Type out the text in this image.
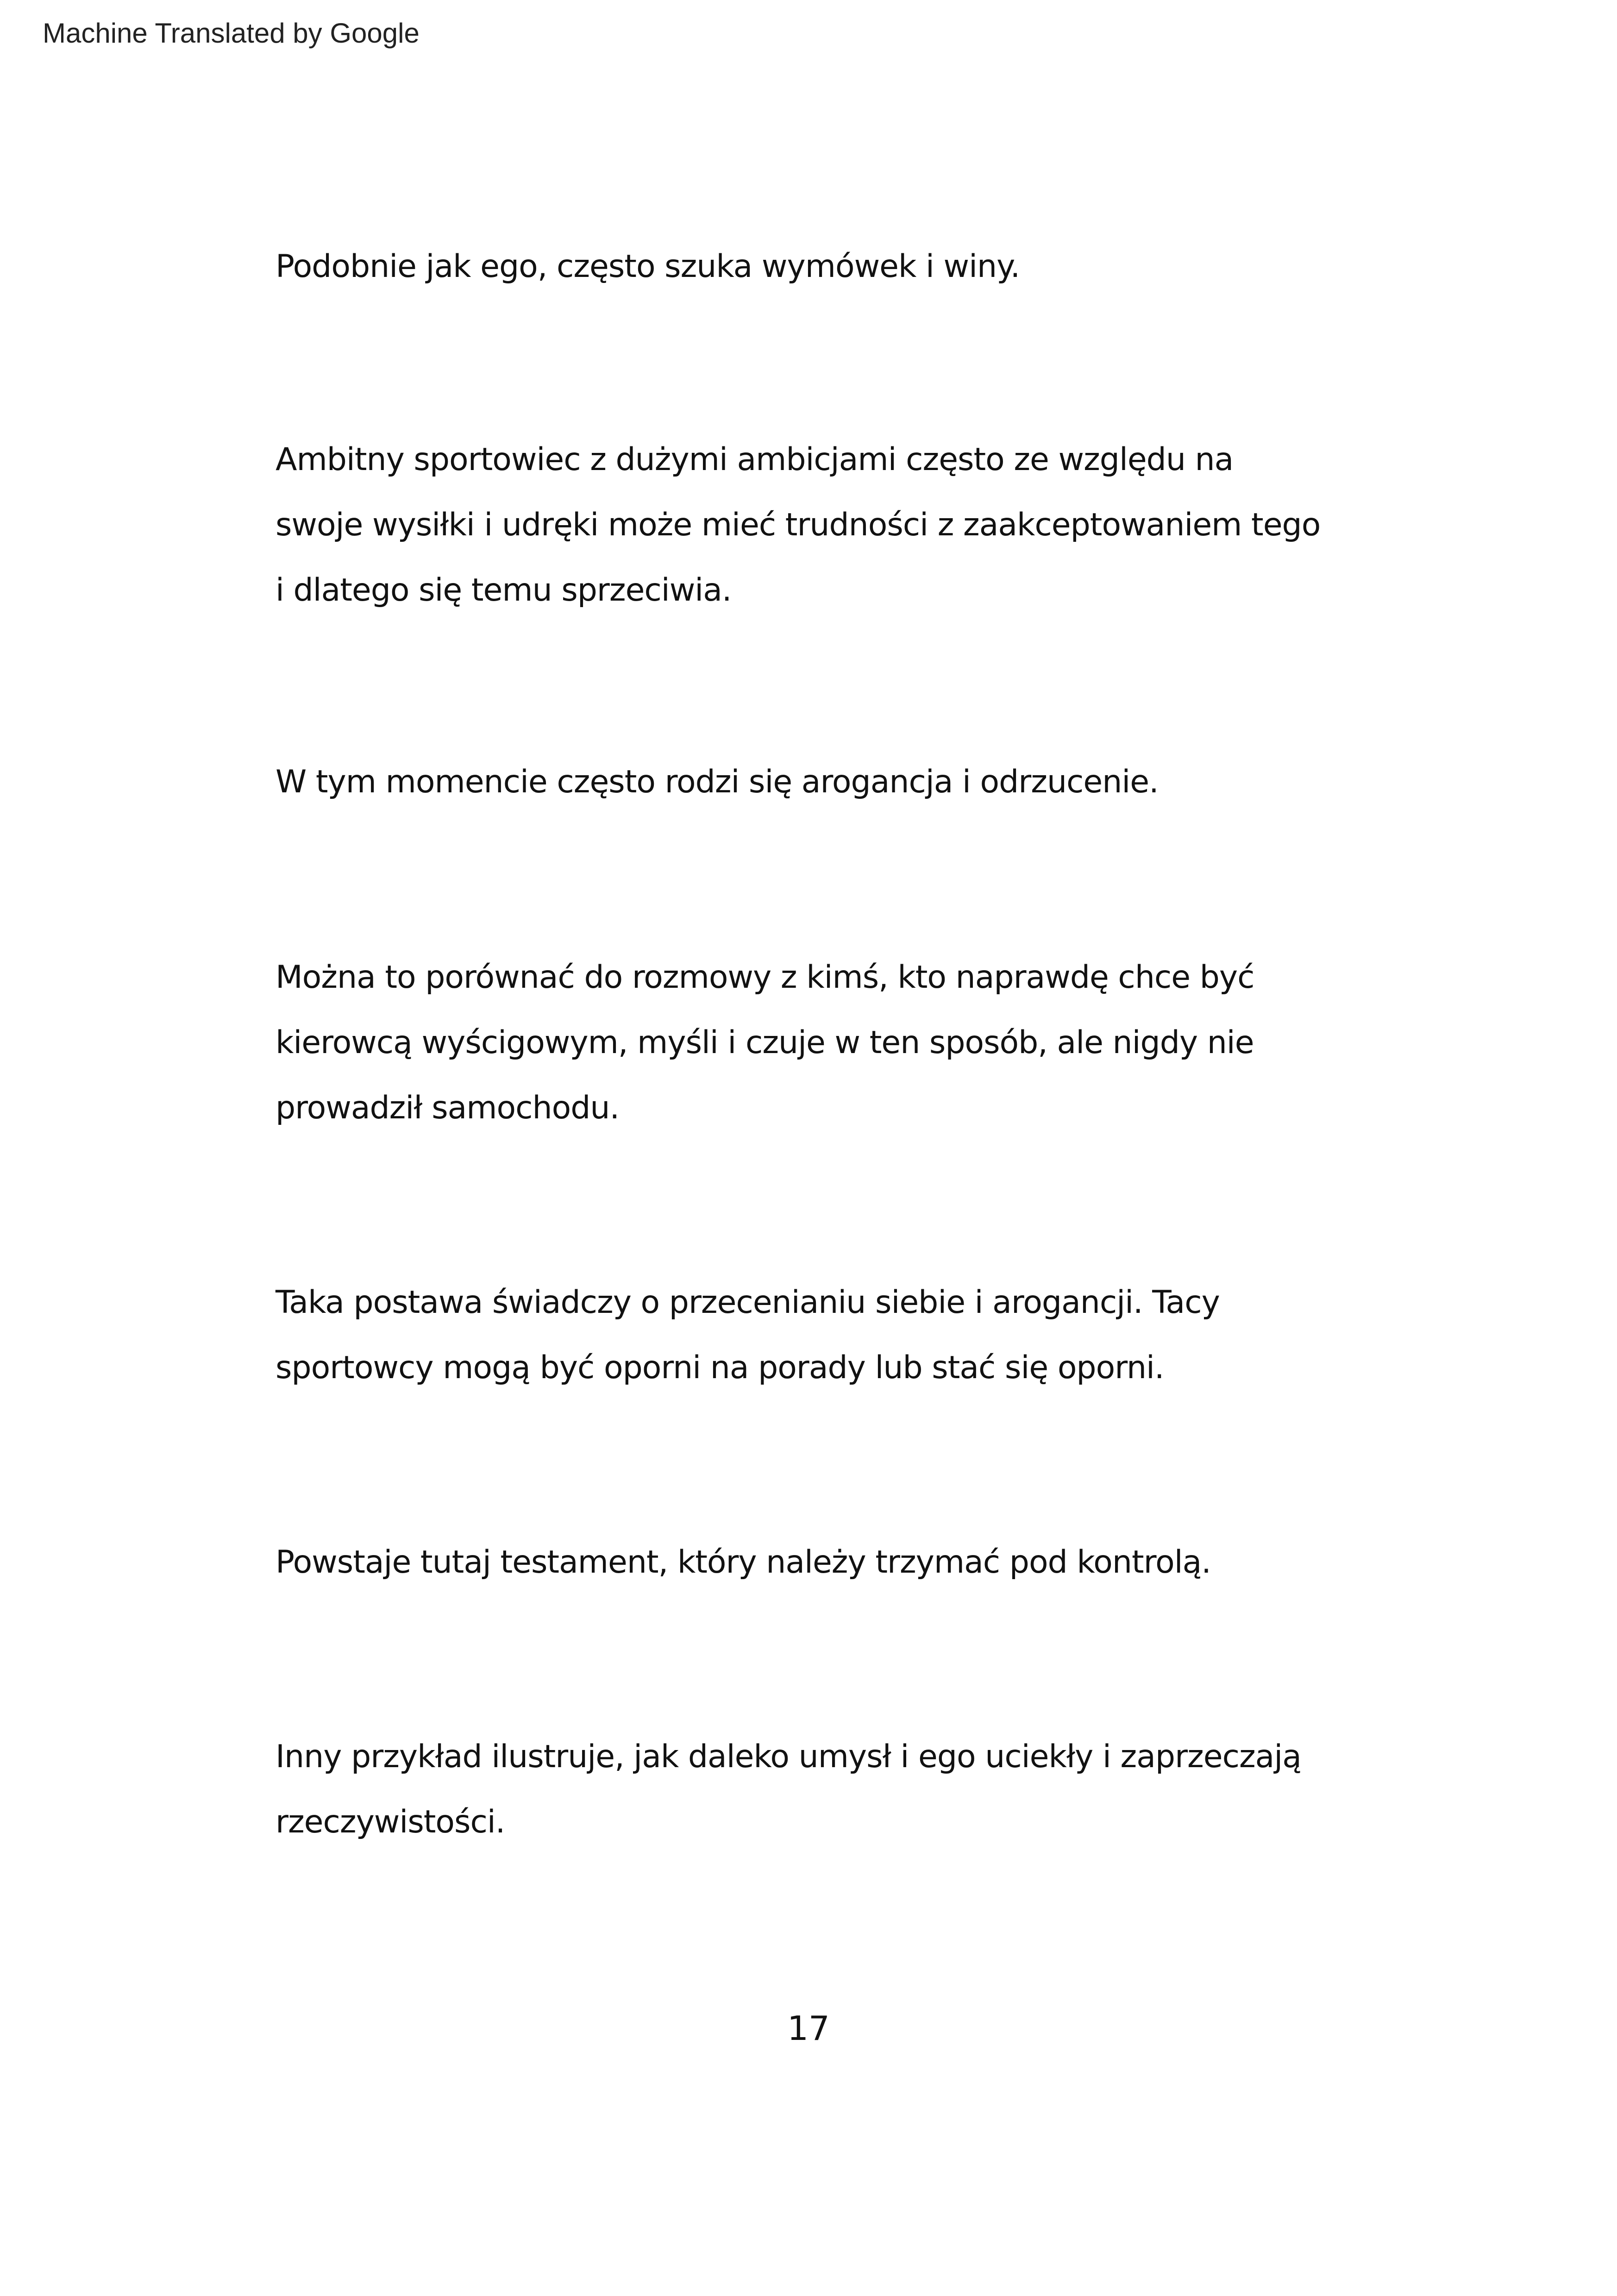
Machine Translated by Google

Podobnie jak ego, często szuka wymówek i winy.

Ambitny sportowiec z dużymi ambicjami często ze względu na
swoje wysiłki i udręki może mieć trudności z zaakceptowaniem tego
i dlatego się temu sprzeciwia.

W tym momencie często rodzi się arogancja i odrzucenie.

Można to porównać do rozmowy z kimś, kto naprawdę chce być
kierowcą wyścigowym, myśli i czuje w ten sposób, ale nigdy nie
prowadził samochodu.

Taka postawa świadczy o przecenianiu siebie i arogancji. Tacy
sportowcy mogą być oporni na porady lub stać się oporni.

Powstaje tutaj testament, który należy trzymać pod kontrolą.

Inny przykład ilustruje, jak daleko umysł i ego uciekły i zaprzeczają
rzeczywistości.

17
